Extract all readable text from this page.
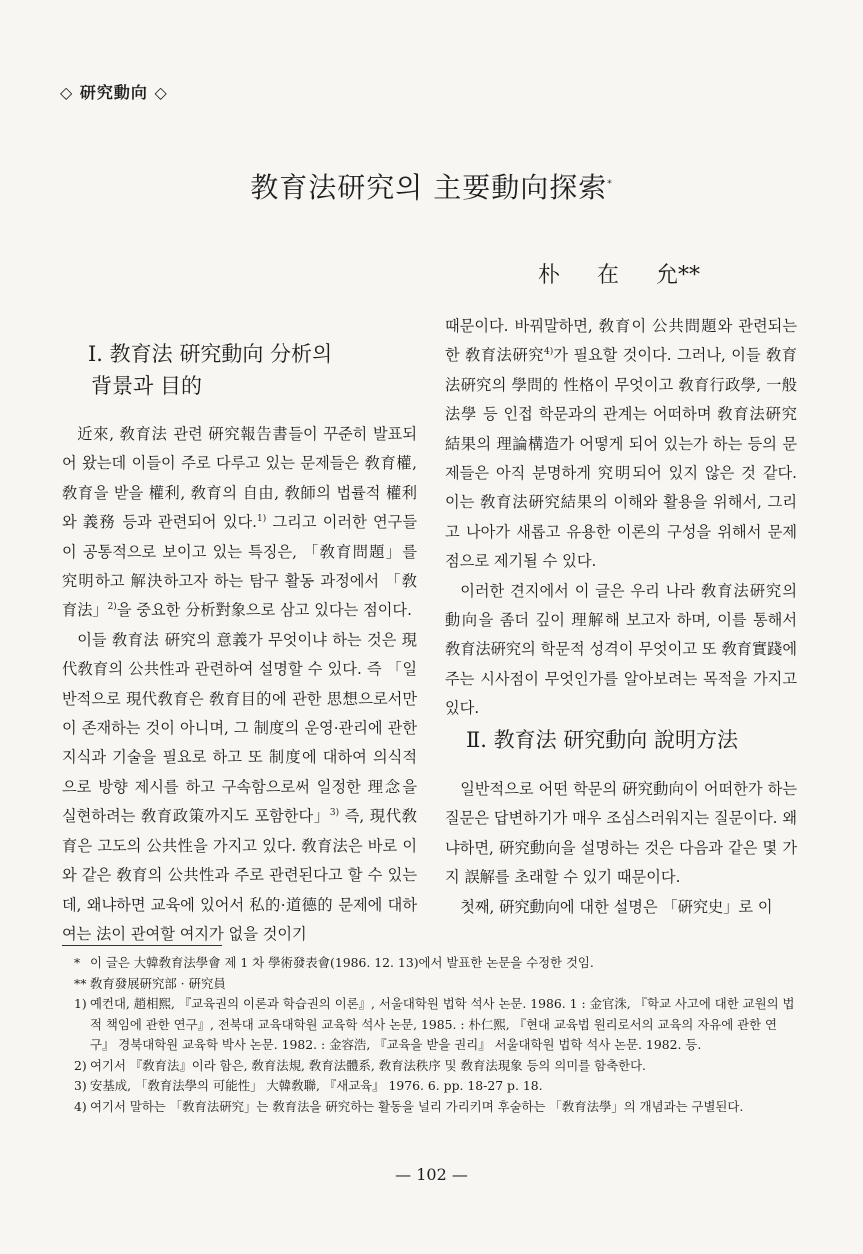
◇ 研究動向 ◇
教育法研究의 主要動向探索*
朴 在 允**
Ⅰ. 教育法 硏究動向 分析의
背景과 目的

近來, 敎育法 관련 硏究報告書들이 꾸준히 발표되어 왔는데 이들이 주로 다루고 있는 문제들은 敎育權, 敎育을 받을 權利, 敎育의 自由, 敎師의 법률적 權利와 義務 등과 관련되어 있다.$^{1)}$ 그리고 이러한 연구들이 공통적으로 보이고 있는 특징은, 「敎育問題」를 究明하고 解決하고자 하는 탐구 활동 과정에서 「敎育法」$^{2)}$을 중요한 分析對象으로 삼고 있다는 점이다.

이들 敎育法 硏究의 意義가 무엇이냐 하는 것은 現代敎育의 公共性과 관련하여 설명할 수 있다. 즉 「일반적으로 現代敎育은 敎育目的에 관한 思想으로서만이 존재하는 것이 아니며, 그 制度의 운영·관리에 관한 지식과 기술을 필요로 하고 또 制度에 대하여 의식적으로 방향 제시를 하고 구속함으로써 일정한 理念을 실현하려는 敎育政策까지도 포함한다」$^{3)}$ 즉, 現代敎育은 고도의 公共性을 가지고 있다. 敎育法은 바로 이와 같은 敎育의 公共性과 주로 관련된다고 할 수 있는데, 왜냐하면 교육에 있어서 私的·道德的 문제에 대하여는 法이 관여할 여지가 없을 것이기

때문이다. 바꿔말하면, 敎育이 公共問題와 관련되는 한 敎育法硏究$^{4)}$가 필요할 것이다. 그러나, 이들 敎育法硏究의 學問的 性格이 무엇이고 敎育行政學, 一般法學 등 인접 학문과의 관계는 어떠하며 敎育法硏究結果의 理論構造가 어떻게 되어 있는가 하는 등의 문제들은 아직 분명하게 究明되어 있지 않은 것 같다. 이는 敎育法硏究結果의 이해와 활용을 위해서, 그리고 나아가 새롭고 유용한 이론의 구성을 위해서 문제점으로 제기될 수 있다.

이러한 견지에서 이 글은 우리 나라 敎育法硏究의 動向을 좀더 깊이 理解해 보고자 하며, 이를 통해서 敎育法硏究의 학문적 성격이 무엇이고 또 敎育實踐에 주는 시사점이 무엇인가를 알아보려는 목적을 가지고 있다.

Ⅱ. 教育法 研究動向 說明方法

일반적으로 어떤 학문의 硏究動向이 어떠한가 하는 질문은 답변하기가 매우 조심스러워지는 질문이다. 왜냐하면, 硏究動向을 설명하는 것은 다음과 같은 몇 가지 誤解를 초래할 수 있기 때문이다.

첫째, 硏究動向에 대한 설명은 「硏究史」로 이

* 이 글은 大韓敎育法學會 제 1 차 學術發表會(1986. 12. 13)에서 발표한 논문을 수정한 것임.
** 敎育發展硏究部 · 硏究員
1) 예컨대, 趙相熙, 『교육권의 이론과 학습권의 이론』, 서울대학원 법학 석사 논문. 1986. 1 : 金官洙, 『학교 사고에 대한 교원의 법적 책임에 관한 연구』, 전북대 교육대학원 교육학 석사 논문, 1985. : 朴仁熙, 『현대 교육법 원리로서의 교육의 자유에 관한 연구』 경북대학원 교육학 박사 논문. 1982. : 金容浩, 『교육을 받을 권리』 서울대학원 법학 석사 논문. 1982. 등.
2) 여기서 『敎育法』이라 함은, 敎育法規, 敎育法體系, 敎育法秩序 및 敎育法現象 등의 의미를 함축한다.
3) 安基成, 「敎育法學의 可能性」 大韓敎聯, 『새교육』 1976. 6. pp. 18-27 p. 18.
4) 여기서 말하는 「敎育法硏究」는 敎育法을 硏究하는 활동을 널리 가리키며 후술하는 「敎育法學」의 개념과는 구별된다.
— 102 —
